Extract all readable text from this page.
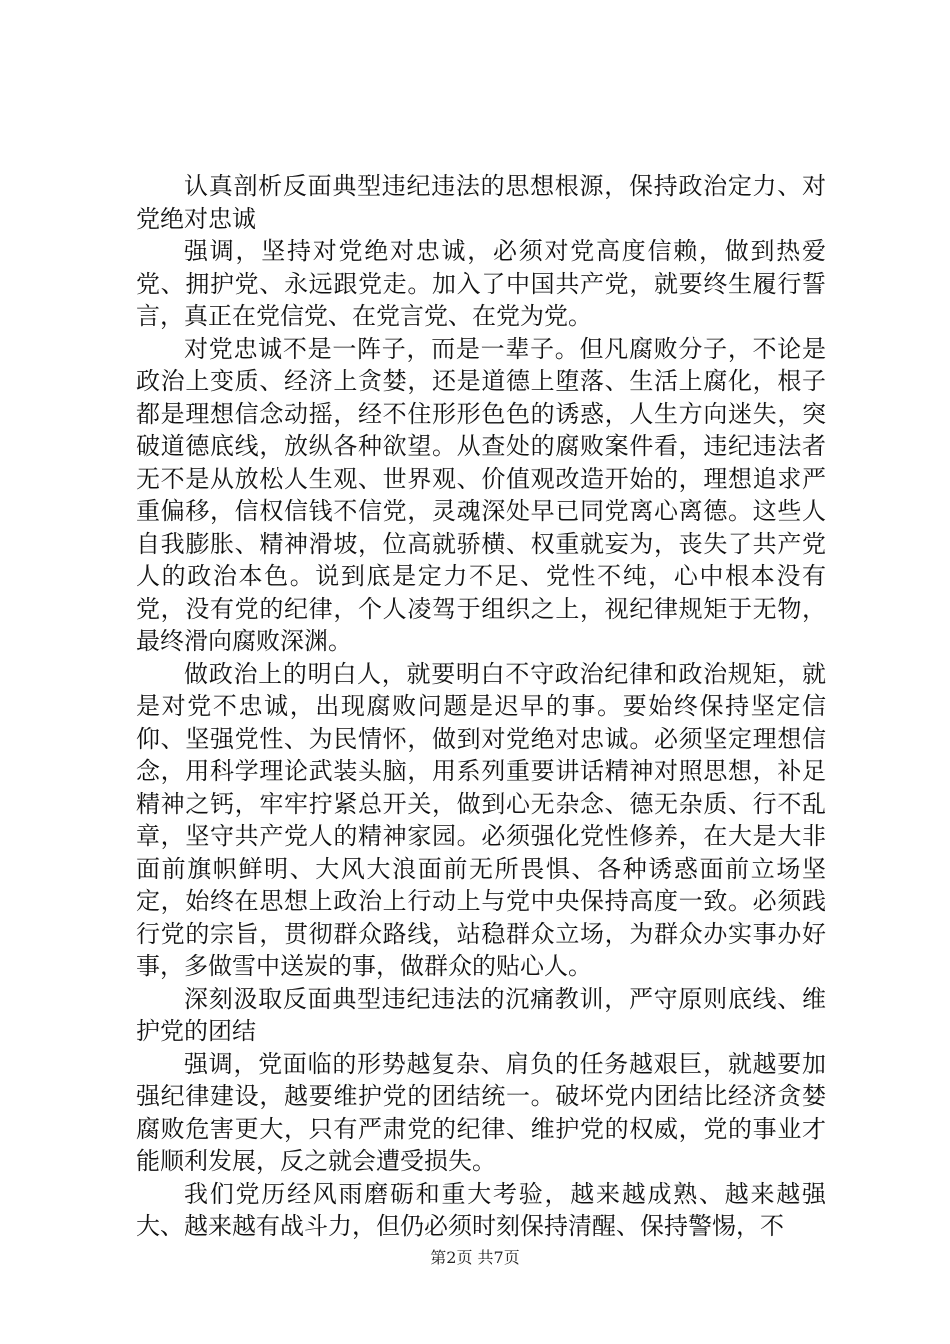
认真剖析反面典型违纪违法的思想根源，保持政治定力、对党绝对忠诚

强调，坚持对党绝对忠诚，必须对党高度信赖，做到热爱党、拥护党、永远跟党走。加入了中国共产党，就要终生履行誓言，真正在党信党、在党言党、在党为党。

对党忠诚不是一阵子，而是一辈子。但凡腐败分子，不论是政治上变质、经济上贪婪，还是道德上堕落、生活上腐化，根子都是理想信念动摇，经不住形形色色的诱惑，人生方向迷失，突破道德底线，放纵各种欲望。从查处的腐败案件看，违纪违法者无不是从放松人生观、世界观、价值观改造开始的，理想追求严重偏移，信权信钱不信党，灵魂深处早已同党离心离德。这些人自我膨胀、精神滑坡，位高就骄横、权重就妄为，丧失了共产党人的政治本色。说到底是定力不足、党性不纯，心中根本没有党，没有党的纪律，个人凌驾于组织之上，视纪律规矩于无物，最终滑向腐败深渊。

做政治上的明白人，就要明白不守政治纪律和政治规矩，就是对党不忠诚，出现腐败问题是迟早的事。要始终保持坚定信仰、坚强党性、为民情怀，做到对党绝对忠诚。必须坚定理想信念，用科学理论武装头脑，用系列重要讲话精神对照思想，补足精神之钙，牢牢拧紧总开关，做到心无杂念、德无杂质、行不乱章，坚守共产党人的精神家园。必须强化党性修养，在大是大非面前旗帜鲜明、大风大浪面前无所畏惧、各种诱惑面前立场坚定，始终在思想上政治上行动上与党中央保持高度一致。必须践行党的宗旨，贯彻群众路线，站稳群众立场，为群众办实事办好事，多做雪中送炭的事，做群众的贴心人。

深刻汲取反面典型违纪违法的沉痛教训，严守原则底线、维护党的团结

强调，党面临的形势越复杂、肩负的任务越艰巨，就越要加强纪律建设，越要维护党的团结统一。破坏党内团结比经济贪婪腐败危害更大，只有严肃党的纪律、维护党的权威，党的事业才能顺利发展，反之就会遭受损失。

我们党历经风雨磨砺和重大考验，越来越成熟、越来越强大、越来越有战斗力，但仍必须时刻保持清醒、保持警惕，不

第2页 共7页
